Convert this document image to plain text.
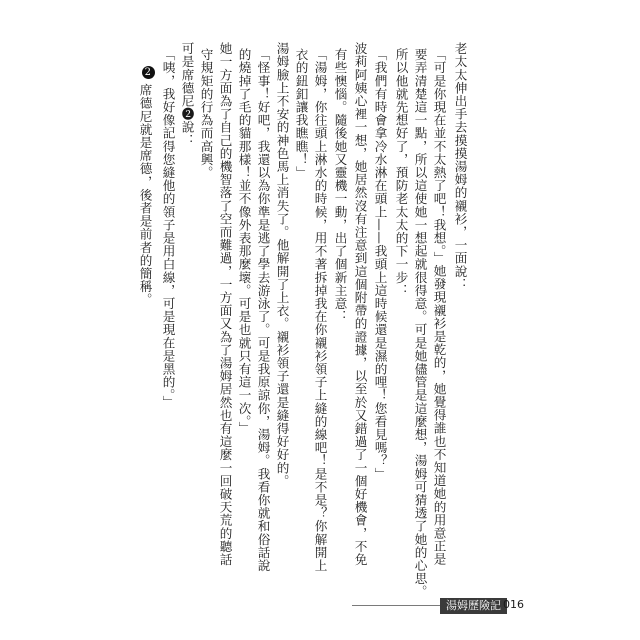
老太太伸出手去摸摸湯姆的襯衫，一面說：
「可是你現在並不太熱了吧！我想。」她發現襯衫是乾的，她覺得誰也不知道她的用意正是
要弄清楚這一點，所以這使她一想起就很得意。可是她儘管是這麼想，湯姆可猜透了她的心思。
所以他就先想好了，預防老太太的下一步：
「我們有時會拿冷水淋在頭上——我頭上這時候還是濕的哩！您看見嗎？」
波莉阿姨心裡一想，她居然沒有注意到這個附帶的證據，以至於又錯過了一個好機會，不免
有些懊惱。隨後她又靈機一動，出了個新主意：
「湯姆，你往頭上淋水的時候，用不著拆掉我在你襯衫領子上縫的線吧！是不是？你解開上
衣的鈕釦讓我瞧瞧！」
湯姆臉上不安的神色馬上消失了。他解開了上衣。襯衫領子還是縫得好好的。
「怪事！好吧，我還以為你準是逃了學去游泳了。可是我原諒你，湯姆。我看你就和俗話說
的燒掉了毛的貓那樣！並不像外表那麼壞。可是也就只有這一次。」
她一方面為了自己的機智落了空而難過，一方面又為了湯姆居然也有這麼一回破天荒的聽話
守規矩的行為而高興。
可是席德尼❷說：
「咦，我好像記得您縫他的領子是用白線，可是現在是黑的。」
2 席德尼就是席德，後者是前者的簡稱。
湯姆歷險記 016
